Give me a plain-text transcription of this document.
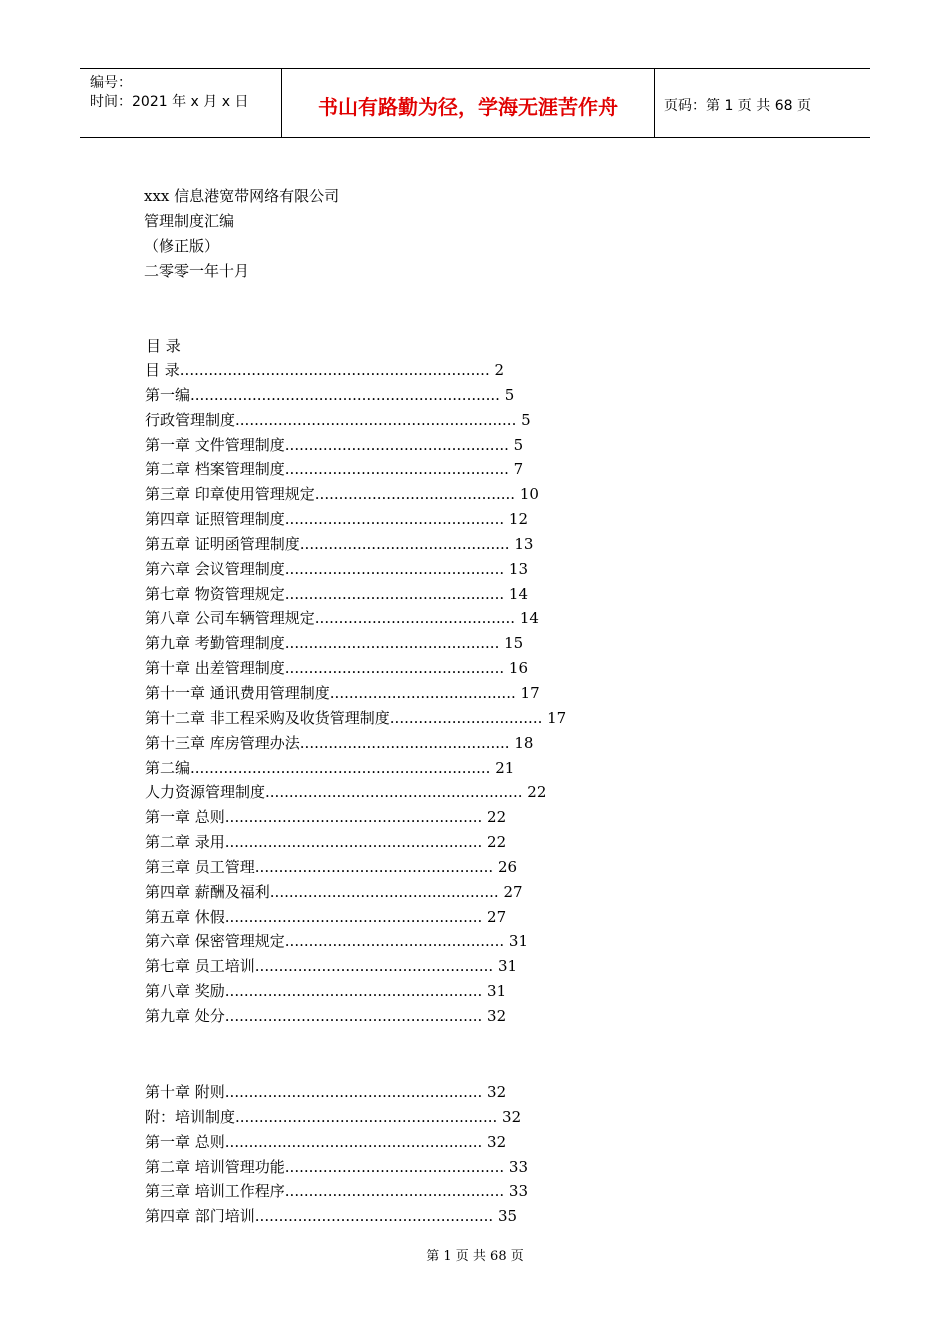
编号：
时间：2021 年 x 月 x 日	书山有路勤为径，学海无涯苦作舟	页码：第 1 页 共 68 页
xxx 信息港宽带网络有限公司
管理制度汇编
（修正版）
二零零一年十月
目 录
目 录................................................................. 2
第一编................................................................. 5
行政管理制度........................................................... 5
第一章 文件管理制度............................................... 5
第二章 档案管理制度............................................... 7
第三章 印章使用管理规定.......................................... 10
第四章 证照管理制度.............................................. 12
第五章 证明函管理制度............................................ 13
第六章 会议管理制度.............................................. 13
第七章 物资管理规定.............................................. 14
第八章 公司车辆管理规定.......................................... 14
第九章 考勤管理制度............................................. 15
第十章 出差管理制度.............................................. 16
第十一章 通讯费用管理制度....................................... 17
第十二章 非工程采购及收货管理制度................................ 17
第十三章 库房管理办法............................................ 18
第二编............................................................... 21
人力资源管理制度...................................................... 22
第一章 总则...................................................... 22
第二章 录用...................................................... 22
第三章 员工管理.................................................. 26
第四章 薪酬及福利................................................ 27
第五章 休假...................................................... 27
第六章 保密管理规定.............................................. 31
第七章 员工培训.................................................. 31
第八章 奖励...................................................... 31
第九章 处分...................................................... 32
第十章 附则...................................................... 32
附：培训制度....................................................... 32
第一章 总则...................................................... 32
第二章 培训管理功能.............................................. 33
第三章 培训工作程序.............................................. 33
第四章 部门培训.................................................. 35
第 1 页 共 68 页
